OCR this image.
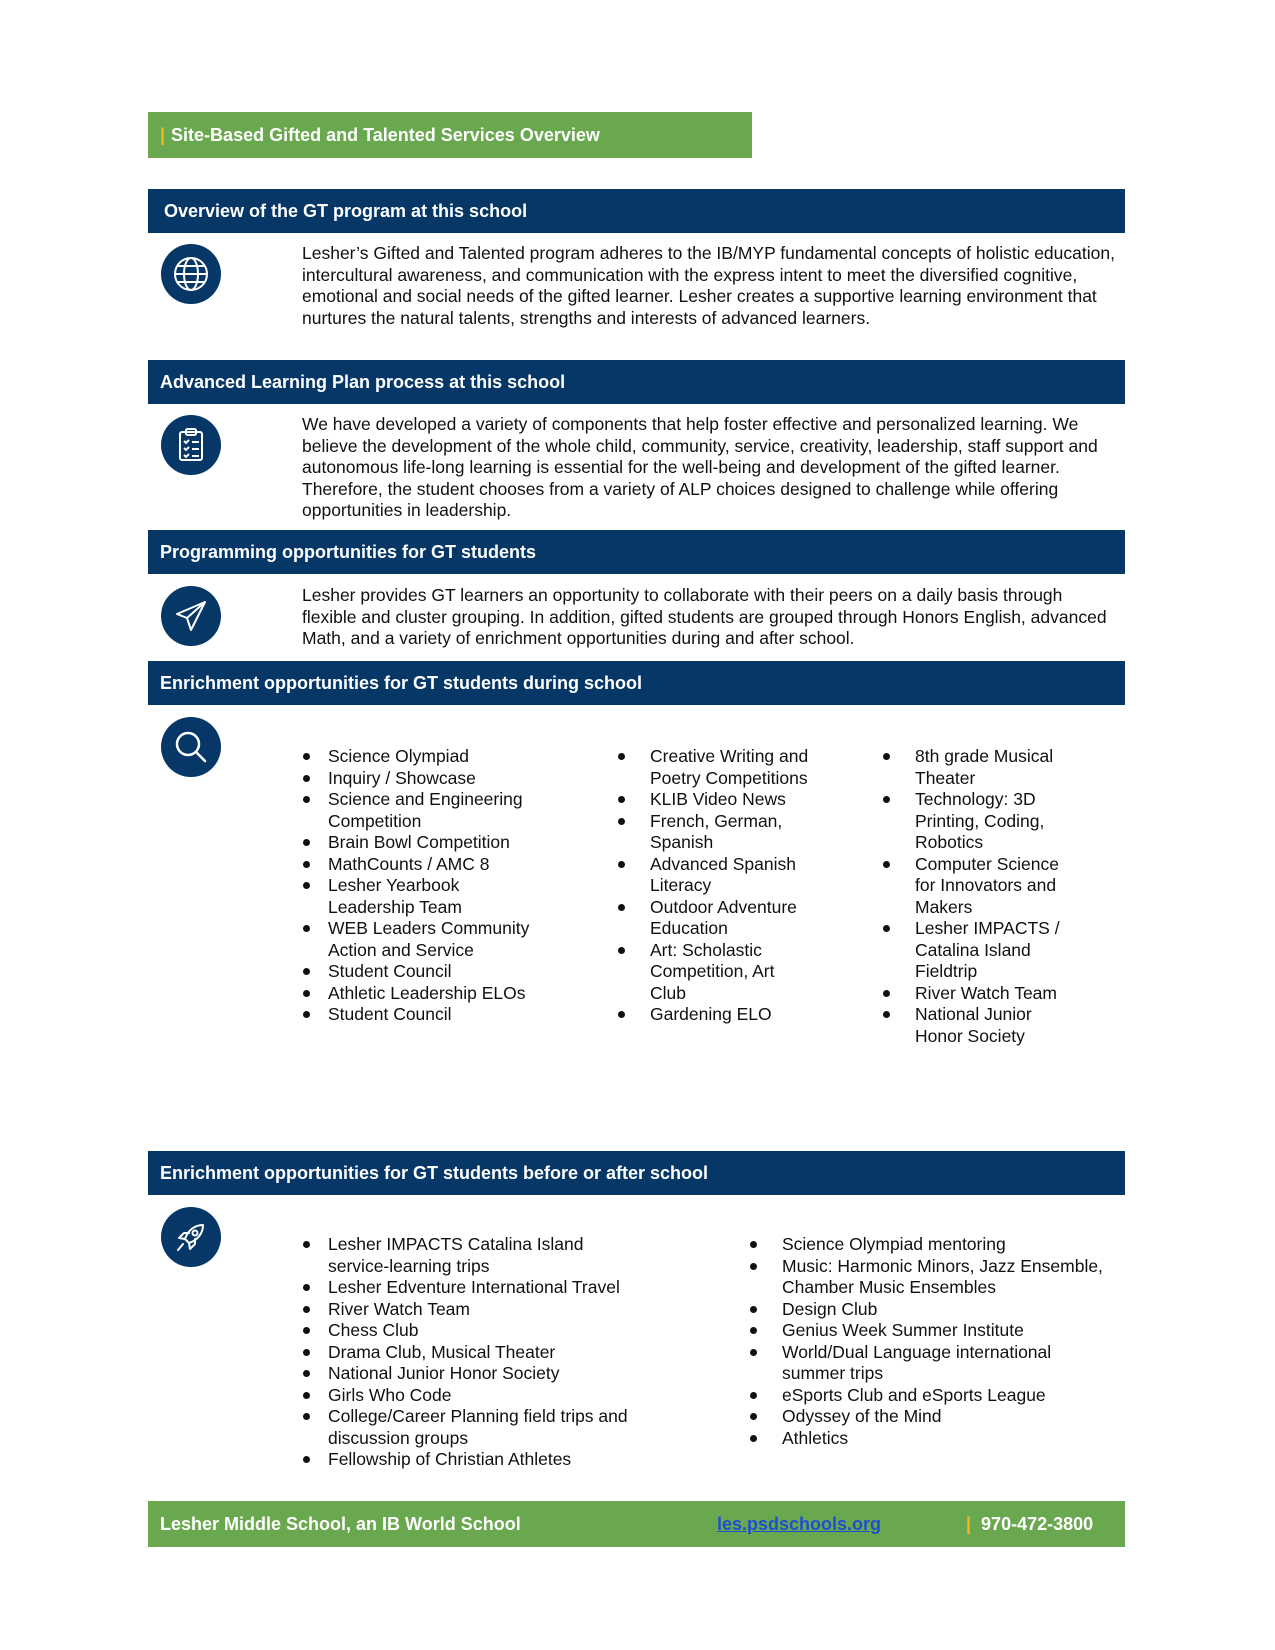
| Site-Based Gifted and Talented Services Overview
Overview of the GT program at this school
Lesher’s Gifted and Talented program adheres to the IB/MYP fundamental concepts of holistic education, intercultural awareness, and communication with the express intent to meet the diversified cognitive, emotional and social needs of the gifted learner. Lesher creates a supportive learning environment that nurtures the natural talents, strengths and interests of advanced learners.
Advanced Learning Plan process at this school
We have developed a variety of components that help foster effective and personalized learning. We believe the development of the whole child, community, service, creativity, leadership, staff support and autonomous life-long learning is essential for the well-being and development of the gifted learner. Therefore, the student chooses from a variety of ALP choices designed to challenge while offering opportunities in leadership.
Programming opportunities for GT students
Lesher provides GT learners an opportunity to collaborate with their peers on a daily basis through flexible and cluster grouping. In addition, gifted students are grouped through Honors English, advanced Math, and a variety of enrichment opportunities during and after school.
Enrichment opportunities for GT students during school
Science Olympiad
Inquiry / Showcase
Science and Engineering Competition
Brain Bowl Competition
MathCounts / AMC 8
Lesher Yearbook Leadership Team
WEB Leaders Community Action and Service
Student Council
Athletic Leadership ELOs
Student Council
Creative Writing and Poetry Competitions
KLIB Video News
French, German, Spanish
Advanced Spanish Literacy
Outdoor Adventure Education
Art: Scholastic Competition, Art Club
Gardening ELO
8th grade Musical Theater
Technology: 3D Printing, Coding, Robotics
Computer Science for Innovators and Makers
Lesher IMPACTS / Catalina Island Fieldtrip
River Watch Team
National Junior Honor Society
Enrichment opportunities for GT students before or after school
Lesher IMPACTS Catalina Island service-learning trips
Lesher Edventure International Travel
River Watch Team
Chess Club
Drama Club, Musical Theater
National Junior Honor Society
Girls Who Code
College/Career Planning field trips and discussion groups
Fellowship of Christian Athletes
Science Olympiad mentoring
Music: Harmonic Minors, Jazz Ensemble, Chamber Music Ensembles
Design Club
Genius Week Summer Institute
World/Dual Language international summer trips
eSports Club and eSports League
Odyssey of the Mind
Athletics
Lesher Middle School, an IB World School	les.psdschools.org	| 970-472-3800
